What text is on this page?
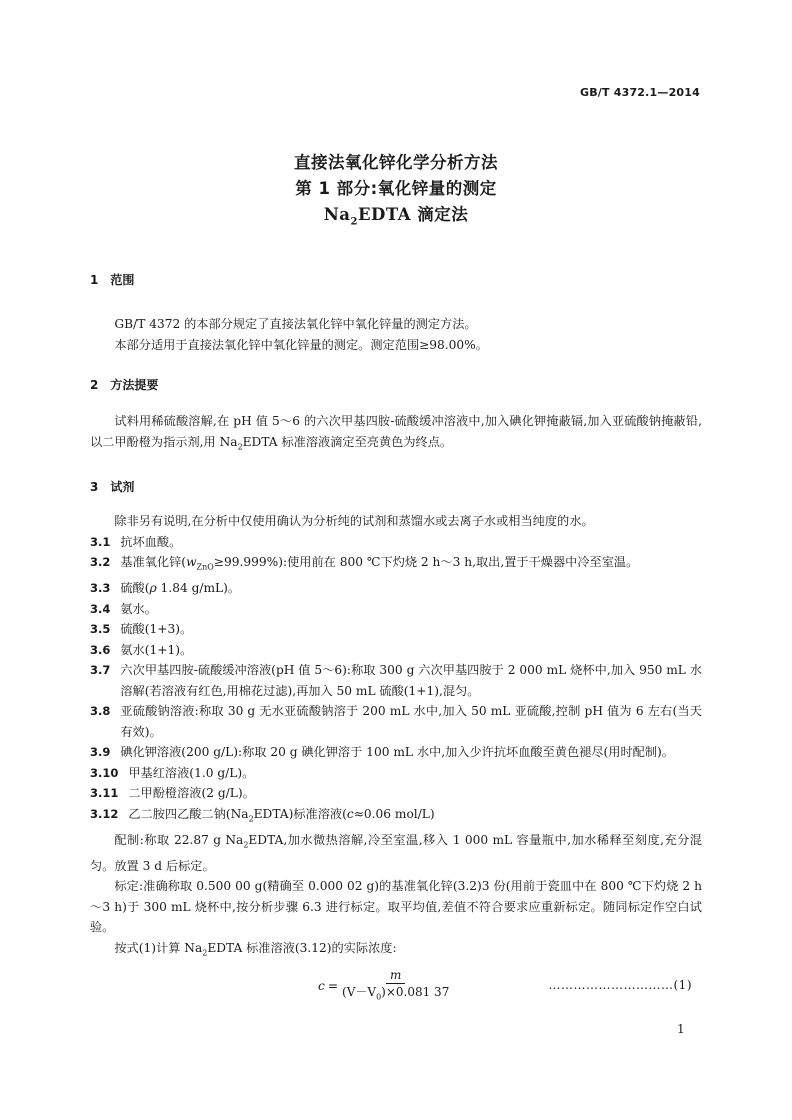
GB/T 4372.1—2014
直接法氧化锌化学分析方法
第 1 部分:氧化锌量的测定
$Na_2EDTA$ 滴定法
1 范围
GB/T 4372 的本部分规定了直接法氧化锌中氧化锌量的测定方法。
本部分适用于直接法氧化锌中氧化锌量的测定。测定范围≥98.00%。
2 方法提要
试料用稀硫酸溶解,在 pH 值 5～6 的六次甲基四胺-硫酸缓冲溶液中,加入碘化钾掩蔽镉,加入亚硫酸钠掩蔽铅,以二甲酚橙为指示剂,用 $Na_2EDTA$ 标准溶液滴定至亮黄色为终点。
3 试剂
除非另有说明,在分析中仅使用确认为分析纯的试剂和蒸馏水或去离子水或相当纯度的水。
3.1 抗坏血酸。
3.2 基准氧化锌$(w_{ZnO}\ge 99.999\%)$:使用前在 800 ℃下灼烧 2 h～3 h,取出,置于干燥器中冷至室温。
3.3 硫酸(ρ 1.84 g/mL)。
3.4 氨水。
3.5 硫酸(1+3)。
3.6 氨水(1+1)。
3.7 六次甲基四胺-硫酸缓冲溶液(pH 值 5～6):称取 300 g 六次甲基四胺于 2 000 mL 烧杯中,加入 950 mL 水溶解(若溶液有红色,用棉花过滤),再加入 50 mL 硫酸(1+1),混匀。
3.8 亚硫酸钠溶液:称取 30 g 无水亚硫酸钠溶于 200 mL 水中,加入 50 mL 亚硫酸,控制 pH 值为 6 左右(当天有效)。
3.9 碘化钾溶液(200 g/L):称取 20 g 碘化钾溶于 100 mL 水中,加入少许抗坏血酸至黄色褪尽(用时配制)。
3.10 甲基红溶液(1.0 g/L)。
3.11 二甲酚橙溶液(2 g/L)。
3.12 乙二胺四乙酸二钠$(Na_2EDTA)$标准溶液(c≈0.06 mol/L)
配制:称取 22.87 g $Na_2EDTA$,加水微热溶解,冷至室温,移入 1 000 mL 容量瓶中,加水稀释至刻度,充分混匀。放置 3 d 后标定。
标定:准确称取 0.500 00 g(精确至 0.000 02 g)的基准氧化锌(3.2)3 份(用前于瓷皿中在 800 ℃下灼烧 2 h～3 h)于 300 mL 烧杯中,按分析步骤 6.3 进行标定。取平均值,差值不符合要求应重新标定。随同标定作空白试验。
按式(1)计算 $Na_2EDTA$ 标准溶液(3.12)的实际浓度:
$c = \frac{m}{(V-V_0)\times 0.081 37}$	…………………………(1)
1
